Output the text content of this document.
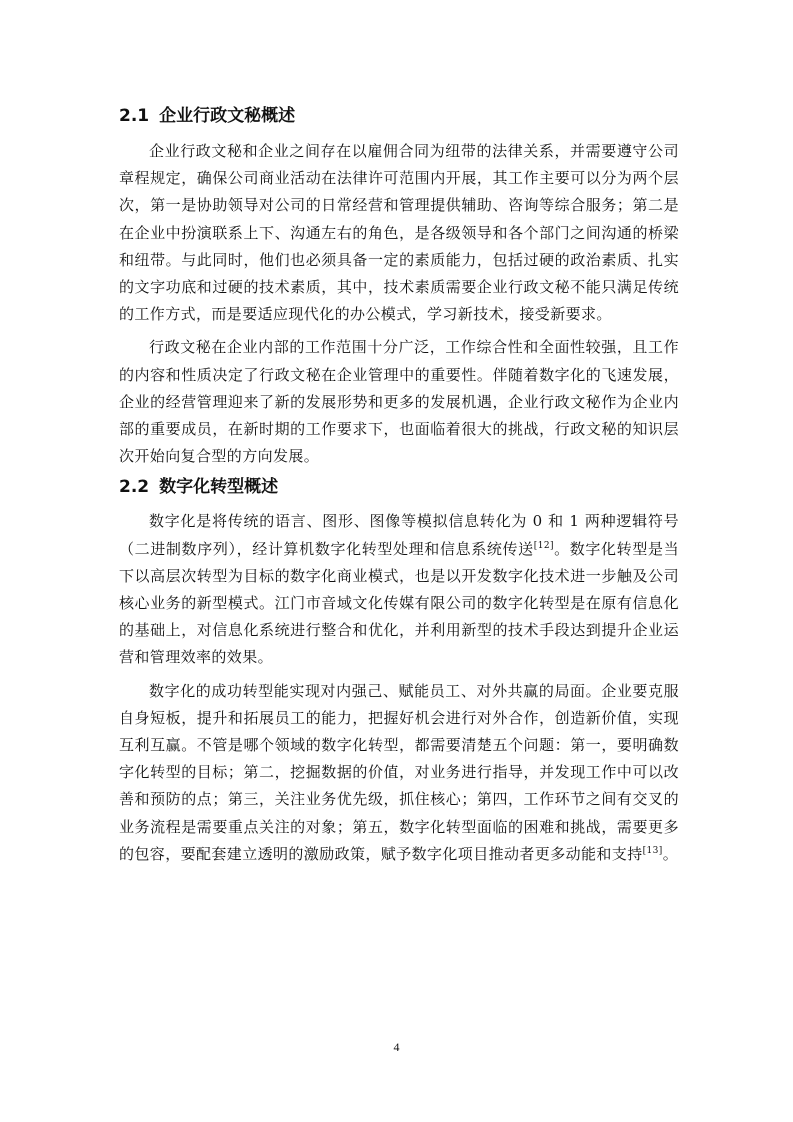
2.1 企业行政文秘概述

企业行政文秘和企业之间存在以雇佣合同为纽带的法律关系，并需要遵守公司章程规定，确保公司商业活动在法律许可范围内开展，其工作主要可以分为两个层次，第一是协助领导对公司的日常经营和管理提供辅助、咨询等综合服务；第二是在企业中扮演联系上下、沟通左右的角色，是各级领导和各个部门之间沟通的桥梁和纽带。与此同时，他们也必须具备一定的素质能力，包括过硬的政治素质、扎实的文字功底和过硬的技术素质，其中，技术素质需要企业行政文秘不能只满足传统的工作方式，而是要适应现代化的办公模式，学习新技术，接受新要求。

行政文秘在企业内部的工作范围十分广泛，工作综合性和全面性较强，且工作的内容和性质决定了行政文秘在企业管理中的重要性。伴随着数字化的飞速发展，企业的经营管理迎来了新的发展形势和更多的发展机遇，企业行政文秘作为企业内部的重要成员，在新时期的工作要求下，也面临着很大的挑战，行政文秘的知识层次开始向复合型的方向发展。

2.2 数字化转型概述

数字化是将传统的语言、图形、图像等模拟信息转化为 0 和 1 两种逻辑符号（二进制数序列），经计算机数字化转型处理和信息系统传送[12]。数字化转型是当下以高层次转型为目标的数字化商业模式，也是以开发数字化技术进一步触及公司核心业务的新型模式。江门市音域文化传媒有限公司的数字化转型是在原有信息化的基础上，对信息化系统进行整合和优化，并利用新型的技术手段达到提升企业运营和管理效率的效果。

数字化的成功转型能实现对内强己、赋能员工、对外共赢的局面。企业要克服自身短板，提升和拓展员工的能力，把握好机会进行对外合作，创造新价值，实现互利互赢。不管是哪个领域的数字化转型，都需要清楚五个问题：第一，要明确数字化转型的目标；第二，挖掘数据的价值，对业务进行指导，并发现工作中可以改善和预防的点；第三，关注业务优先级，抓住核心；第四，工作环节之间有交叉的业务流程是需要重点关注的对象；第五，数字化转型面临的困难和挑战，需要更多的包容，要配套建立透明的激励政策，赋予数字化项目推动者更多动能和支持[13]。

4
